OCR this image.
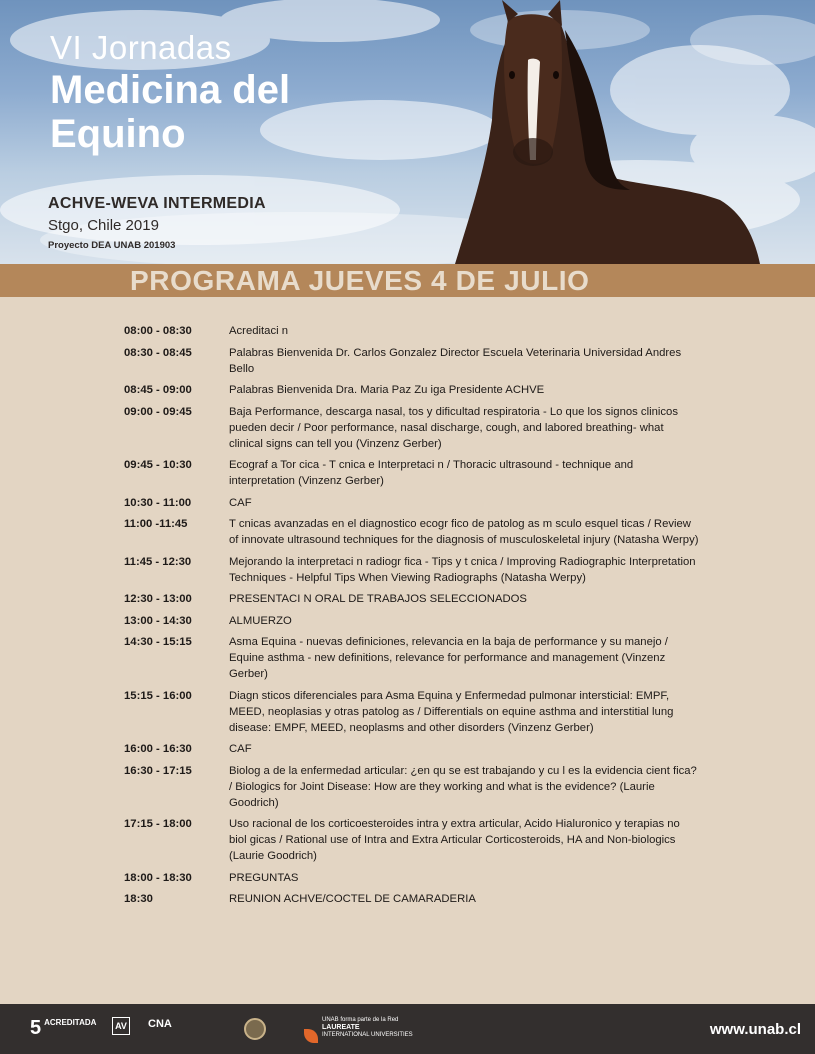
VI Jornadas
Medicina del
Equino
ACHVE-WEVA INTERMEDIA
Stgo, Chile 2019
Proyecto DEA UNAB 201903
PROGRAMA JUEVES 4 DE JULIO
08:00 - 08:30	Acreditaci n
08:30 - 08:45	Palabras Bienvenida Dr. Carlos Gonzalez Director Escuela Veterinaria Universidad Andres Bello
08:45 - 09:00	Palabras Bienvenida Dra. Maria Paz Zu iga Presidente ACHVE
09:00 - 09:45	Baja Performance, descarga nasal, tos y dificultad respiratoria - Lo que los signos clinicos pueden decir / Poor performance, nasal discharge, cough, and labored breathing- what clinical signs can tell you (Vinzenz Gerber)
09:45 - 10:30	Ecograf a Tor cica - T cnica e Interpretaci n / Thoracic ultrasound - technique and interpretation (Vinzenz Gerber)
10:30 - 11:00	CAF
11:00 -11:45	T cnicas avanzadas en el diagnostico ecogr fico de patolog as m sculo esquel ticas / Review of innovate ultrasound techniques for the diagnosis of musculoskeletal injury (Natasha Werpy)
11:45 - 12:30	Mejorando la interpretaci n radiogr fica - Tips y t cnica / Improving Radiographic Interpretation Techniques - Helpful Tips When Viewing Radiographs (Natasha Werpy)
12:30 - 13:00	PRESENTACI N ORAL DE TRABAJOS SELECCIONADOS
13:00 - 14:30	ALMUERZO
14:30 - 15:15	Asma Equina - nuevas definiciones, relevancia en la baja de performance y su manejo / Equine asthma - new definitions, relevance for performance and management (Vinzenz Gerber)
15:15 - 16:00	Diagn sticos diferenciales para Asma Equina y Enfermedad pulmonar intersticial: EMPF, MEED, neoplasias y otras patolog as / Differentials on equine asthma and interstitial lung disease: EMPF, MEED, neoplasms and other disorders (Vinzenz Gerber)
16:00 - 16:30	CAF
16:30 - 17:15	Biolog a de la enfermedad articular: ¿en qu se est trabajando y cu l es la evidencia cient fica? / Biologics for Joint Disease: How are they working and what is the evidence? (Laurie Goodrich)
17:15 - 18:00	Uso racional de los corticoesteroides intra y extra articular, Acido Hialuronico y terapias no biol gicas / Rational use of Intra and Extra Articular Corticosteroids, HA and Non-biologics (Laurie Goodrich)
18:00 - 18:30	PREGUNTAS
18:30	REUNION ACHVE/COCTEL DE CAMARADERIA
5 ACREDITADA	AV CNA	UNAB forma parte de la Red
LAUREATE
INTERNATIONAL UNIVERSITIES	www.unab.cl
